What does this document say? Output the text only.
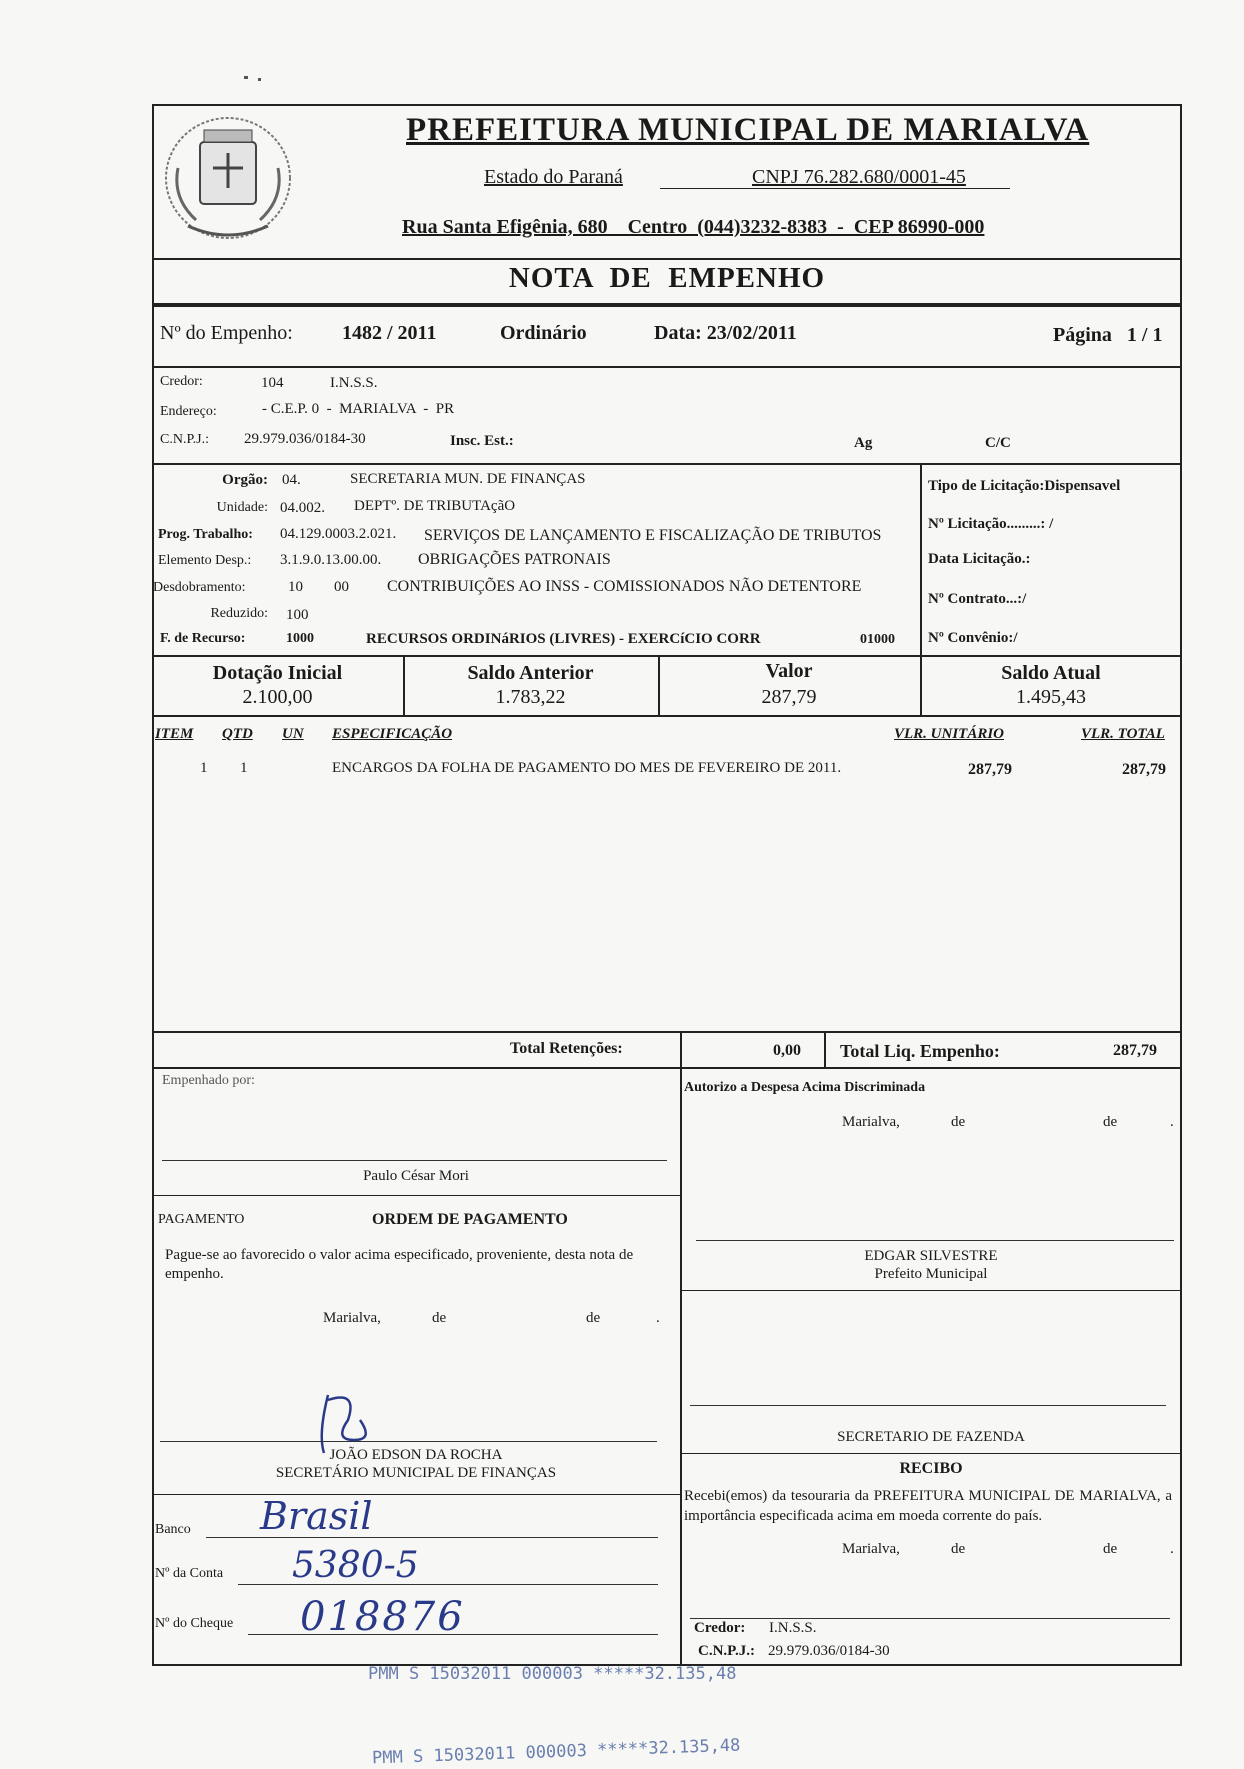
PREFEITURA MUNICIPAL DE MARIALVA
Estado do Paraná	CNPJ 76.282.680/0001-45
Rua Santa Efigênia, 680    Centro  (044)3232-8383  -  CEP 86990-000
NOTA  DE  EMPENHO
Nº do Empenho: 1482 / 2011	Ordinário	Data: 23/02/2011	Página   1 / 1
Credor:	104	I.N.S.S.
Endereço:	- C.E.P. 0  -  MARIALVA  -  PR
C.N.P.J.: 29.979.036/0184-30	Insc. Est.:	Ag	C/C
Orgão: 04.	SECRETARIA MUN. DE FINANÇAS
Unidade: 04.002. DEPTº. DE TRIBUTAçãO
Prog. Trabalho: 04.129.0003.2.021. SERVIÇOS DE LANÇAMENTO E FISCALIZAÇÃO DE TRIBUTOS
Elemento Desp.: 3.1.9.0.13.00.00. OBRIGAÇÕES PATRONAIS
Desdobramento:	10 00 CONTRIBUIÇÕES AO INSS - COMISSIONADOS NÃO DETENTORE
Reduzido: 100
F. de Recurso:	1000	RECURSOS ORDINáRIOS (LIVRES) - EXERCíCIO CORR	01000
Tipo de Licitação:Dispensavel
Nº Licitação.........: /
Data Licitação.:
Nº Contrato...:/
Nº Convênio:/
Dotação Inicial
2.100,00
Saldo Anterior
1.783,22
Valor
287,79
Saldo Atual
1.495,43
ITEM QTD UN ESPECIFICAÇÃO	VLR. UNITÁRIO	VLR. TOTAL
1 1	ENCARGOS DA FOLHA DE PAGAMENTO DO MES DE FEVEREIRO DE 2011.	287,79	287,79
Total Retenções:	0,00 Total Liq. Empenho:	287,79
Empenhado por:
Paulo César Mori
PAGAMENTO	ORDEM DE PAGAMENTO
Pague-se ao favorecido o valor acima especificado, proveniente, desta nota de empenho.
Marialva,	de	de	.
JOÃO EDSON DA ROCHA
SECRETÁRIO MUNICIPAL DE FINANÇAS
Banco Brasil
Nº da Conta 5380-5
Nº do Cheque 018876
Autorizo a Despesa Acima Discriminada
Marialva,	de	de	.
EDGAR SILVESTRE
Prefeito Municipal
SECRETARIO DE FAZENDA
RECIBO
Recebi(emos) da tesouraria da PREFEITURA MUNICIPAL DE MARIALVA, a importância especificada acima em moeda corrente do país.
Marialva,	de	de	.
Credor: I.N.S.S.
C.N.P.J.: 29.979.036/0184-30
PMM S 15032011 000003 *****32.135,48
PMM S 15032011 000003 *****32.135,48
